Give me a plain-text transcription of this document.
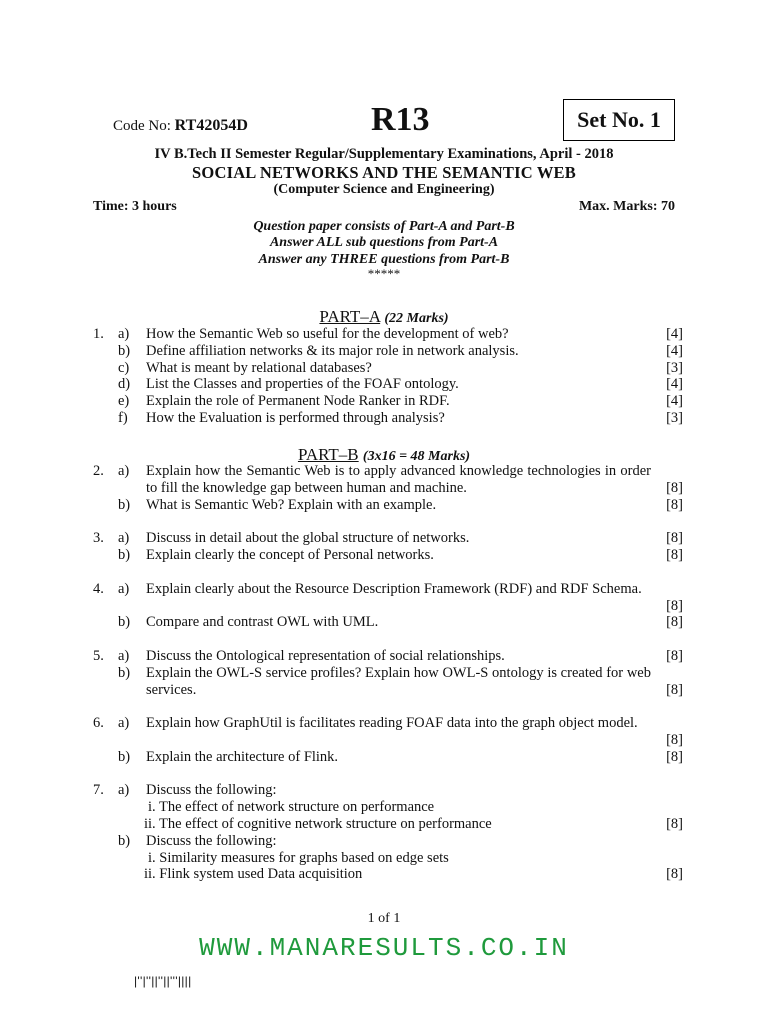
Code No: RT42054D	R13	Set No. 1
IV B.Tech II Semester Regular/Supplementary Examinations, April - 2018
SOCIAL NETWORKS AND THE SEMANTIC WEB
(Computer Science and Engineering)
Time: 3 hours	Max. Marks: 70
Question paper consists of Part-A and Part-B
Answer ALL sub questions from Part-A
Answer any THREE questions from Part-B
*****
PART–A (22 Marks)
1. a)	How the Semantic Web so useful for the development of web?	[4]
b)	Define affiliation networks & its major role in network analysis.	[4]
c)	What is meant by relational databases?	[3]
d)	List the Classes and properties of the FOAF ontology.	[4]
e)	Explain the role of Permanent Node Ranker in RDF.	[4]
f)	How the Evaluation is performed through analysis?	[3]
PART–B (3x16 = 48 Marks)
2. a)	Explain how the Semantic Web is to apply advanced knowledge technologies in order to fill the knowledge gap between human and machine.	[8]
b)	What is Semantic Web? Explain with an example.	[8]
3. a)	Discuss in detail about the global structure of networks.	[8]
b)	Explain clearly the concept of Personal networks.	[8]
4. a)	Explain clearly about the Resource Description Framework (RDF) and RDF Schema.
[8]
b)	Compare and contrast OWL with UML.	[8]
5. a)	Discuss the Ontological representation of social relationships.	[8]
b)	Explain the OWL-S service profiles? Explain how OWL-S ontology is created for web services.	[8]
6. a)	Explain how GraphUtil is facilitates reading FOAF data into the graph object model.
[8]
b)	Explain the architecture of Flink.	[8]
7. a)	Discuss the following:
i. The effect of network structure on performance
ii. The effect of cognitive network structure on performance	[8]
b)	Discuss the following:
i. Similarity measures for graphs based on edge sets
ii. Flink system used Data acquisition	[8]
1 of 1
WWW.MANARESULTS.CO.IN
|''|''||''||'''||||
